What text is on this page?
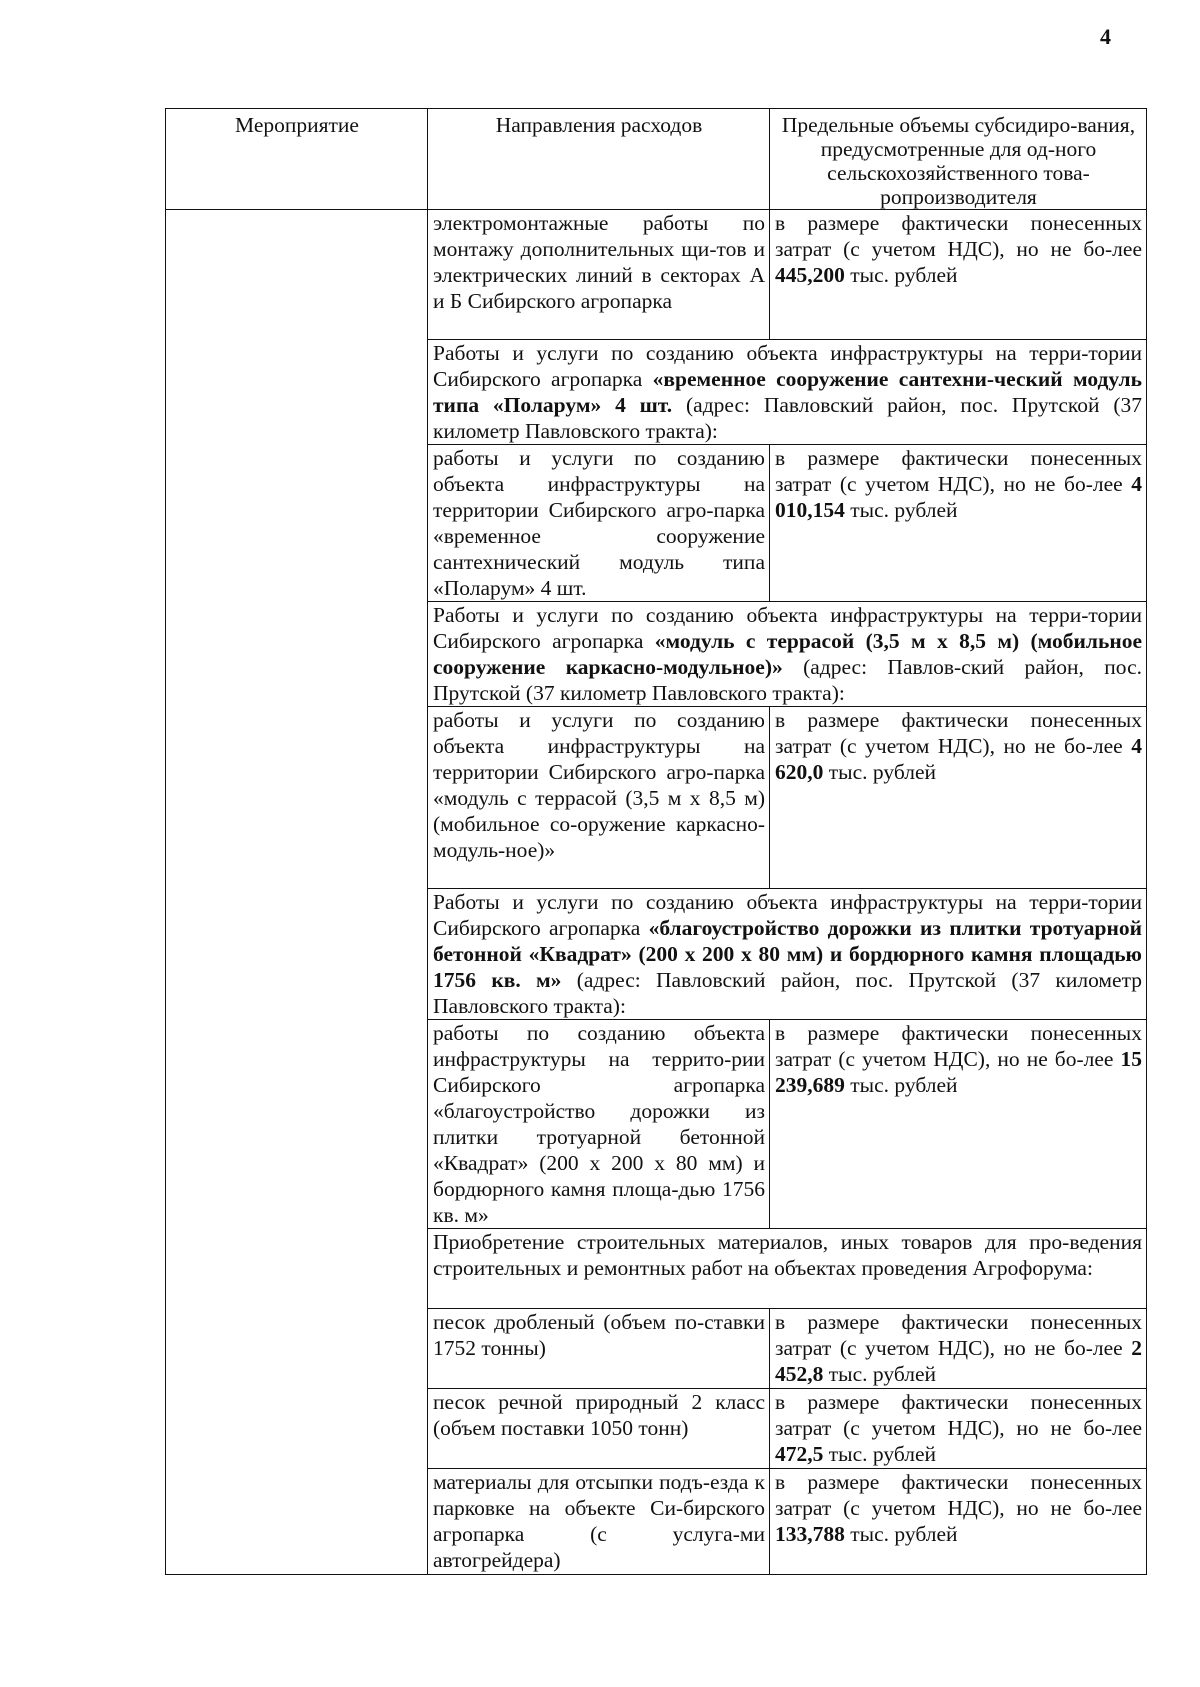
4
Мероприятие	Направления расходов	Предельные объемы субсидиро-вания, предусмотренные для од-ного сельскохозяйственного това-ропроизводителя
	электромонтажные работы по монтажу дополнительных щи-тов и электрических линий в секторах А и Б Сибирского агропарка	в размере фактически понесенных затрат (с учетом НДС), но не бо-лее 445,200 тыс. рублей
	Работы и услуги по созданию объекта инфраструктуры на терри-тории Сибирского агропарка «временное сооружение сантехни-ческий модуль типа «Поларум» 4 шт. (адрес: Павловский район, пос. Прутской (37 километр Павловского тракта):	
	работы и услуги по созданию объекта инфраструктуры на территории Сибирского агро-парка «временное сооружение сантехнический модуль типа «Поларум» 4 шт.	в размере фактически понесенных затрат (с учетом НДС), но не бо-лее 4 010,154 тыс. рублей
	Работы и услуги по созданию объекта инфраструктуры на терри-тории Сибирского агропарка «модуль с террасой (3,5 м х 8,5 м) (мобильное сооружение каркасно-модульное)» (адрес: Павлов-ский район, пос. Прутской (37 километр Павловского тракта):	
	работы и услуги по созданию объекта инфраструктуры на территории Сибирского агро-парка «модуль с террасой (3,5 м х 8,5 м) (мобильное со-оружение каркасно-модуль-ное)»	в размере фактически понесенных затрат (с учетом НДС), но не бо-лее 4 620,0 тыс. рублей
	Работы и услуги по созданию объекта инфраструктуры на терри-тории Сибирского агропарка «благоустройство дорожки из плитки тротуарной бетонной «Квадрат» (200 х 200 х 80 мм) и бордюрного камня площадью 1756 кв. м» (адрес: Павловский район, пос. Прутской (37 километр Павловского тракта):	
	работы по созданию объекта инфраструктуры на террито-рии Сибирского агропарка «благоустройство дорожки из плитки тротуарной бетонной «Квадрат» (200 х 200 х 80 мм) и бордюрного камня площа-дью 1756 кв. м»	в размере фактически понесенных затрат (с учетом НДС), но не бо-лее 15 239,689 тыс. рублей
	Приобретение строительных материалов, иных товаров для про-ведения строительных и ремонтных работ на объектах проведения Агрофорума:	
	песок дробленый (объем по-ставки 1752 тонны)	в размере фактически понесенных затрат (с учетом НДС), но не бо-лее 2 452,8 тыс. рублей
	песок речной природный 2 класс (объем поставки 1050 тонн)	в размере фактически понесенных затрат (с учетом НДС), но не бо-лее 472,5 тыс. рублей
	материалы для отсыпки подъ-езда к парковке на объекте Си-бирского агропарка (с услуга-ми автогрейдера)	в размере фактически понесенных затрат (с учетом НДС), но не бо-лее 133,788 тыс. рублей
